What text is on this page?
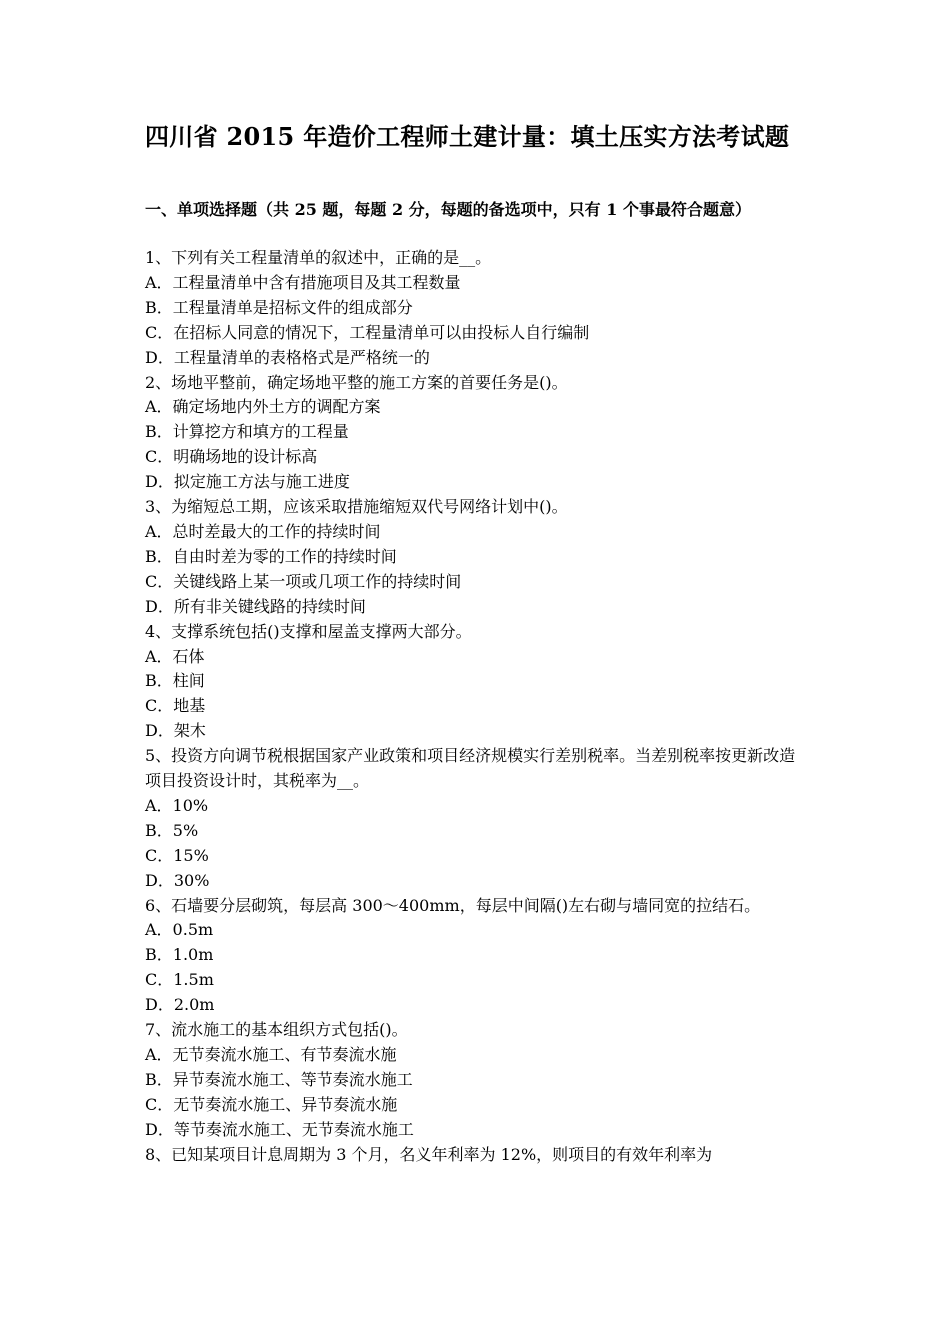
四川省 2015 年造价工程师土建计量：填土压实方法考试题
一、单项选择题（共 25 题，每题 2 分，每题的备选项中，只有 1 个事最符合题意）

1、下列有关工程量清单的叙述中，正确的是__。

A．工程量清单中含有措施项目及其工程数量

B．工程量清单是招标文件的组成部分

C．在招标人同意的情况下，工程量清单可以由投标人自行编制

D．工程量清单的表格格式是严格统一的

2、场地平整前，确定场地平整的施工方案的首要任务是()。

A．确定场地内外土方的调配方案

B．计算挖方和填方的工程量

C．明确场地的设计标高

D．拟定施工方法与施工进度

3、为缩短总工期，应该采取措施缩短双代号网络计划中()。

A．总时差最大的工作的持续时间

B．自由时差为零的工作的持续时间

C．关键线路上某一项或几项工作的持续时间

D．所有非关键线路的持续时间

4、支撑系统包括()支撑和屋盖支撑两大部分。

A．石体

B．柱间

C．地基

D．架木

5、投资方向调节税根据国家产业政策和项目经济规模实行差别税率。当差别税率按更新改造项目投资设计时，其税率为__。

A．10%

B．5%

C．15%

D．30%

6、石墙要分层砌筑，每层高 300～400mm，每层中间隔()左右砌与墙同宽的拉结石。

A．0.5m

B．1.0m

C．1.5m

D．2.0m

7、流水施工的基本组织方式包括()。

A．无节奏流水施工、有节奏流水施

B．异节奏流水施工、等节奏流水施工

C．无节奏流水施工、异节奏流水施

D．等节奏流水施工、无节奏流水施工

8、已知某项目计息周期为 3 个月，名义年利率为 12%，则项目的有效年利率为
